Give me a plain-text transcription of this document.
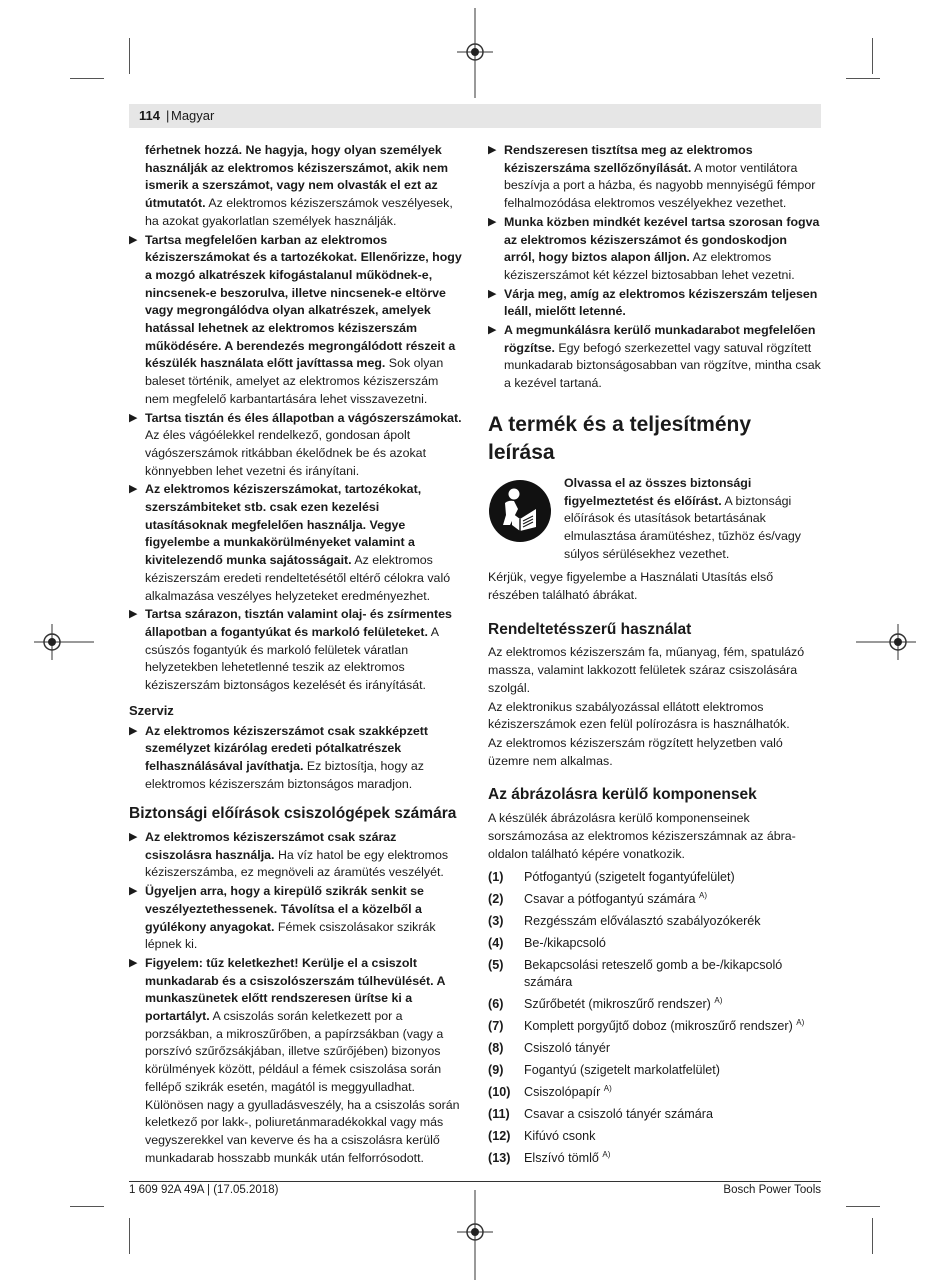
114 | Magyar
férhetnek hozzá. Ne hagyja, hogy olyan személyek használják az elektromos kéziszerszámot, akik nem ismerik a szerszámot, vagy nem olvasták el ezt az útmutatót. Az elektromos kéziszerszámok veszélyesek, ha azokat gyakorlatlan személyek használják.
▶ Tartsa megfelelően karban az elektromos kéziszerszámokat és a tartozékokat. Ellenőrizze, hogy a mozgó alkatrészek kifogástalanul működnek-e, nincsenek-e beszorulva, illetve nincsenek-e eltörve vagy megrongálódva olyan alkatrészek, amelyek hatással lehetnek az elektromos kéziszerszám működésére. A berendezés megrongálódott részeit a készülék használata előtt javíttassa meg. Sok olyan baleset történik, amelyet az elektromos kéziszerszám nem megfelelő karbantartására lehet visszavezetni.
▶ Tartsa tisztán és éles állapotban a vágószerszámokat. Az éles vágóélekkel rendelkező, gondosan ápolt vágószerszámok ritkábban ékelődnek be és azokat könnyebben lehet vezetni és irányítani.
▶ Az elektromos kéziszerszámokat, tartozékokat, szerszámbiteket stb. csak ezen kezelési utasításoknak megfelelően használja. Vegye figyelembe a munkakörülményeket valamint a kivitelezendő munka sajátosságait. Az elektromos kéziszerszám eredeti rendeltetésétől eltérő célokra való alkalmazása veszélyes helyzeteket eredményezhet.
▶ Tartsa szárazon, tisztán valamint olaj- és zsírmentes állapotban a fogantyúkat és markoló felületeket. A csúszós fogantyúk és markoló felületek váratlan helyzetekben lehetetlenné teszik az elektromos kéziszerszám biztonságos kezelését és irányítását.
Szerviz
▶ Az elektromos kéziszerszámot csak szakképzett személyzet kizárólag eredeti pótalkatrészek felhasználásával javíthatja. Ez biztosítja, hogy az elektromos kéziszerszám biztonságos maradjon.
Biztonsági előírások csiszológépek számára
▶ Az elektromos kéziszerszámot csak száraz csiszolásra használja. Ha víz hatol be egy elektromos kéziszerszámba, ez megnöveli az áramütés veszélyét.
▶ Ügyeljen arra, hogy a kirepülő szikrák senkit se veszélyeztethessenek. Távolítsa el a közelből a gyúlékony anyagokat. Fémek csiszolásakor szikrák lépnek ki.
▶ Figyelem: tűz keletkezhet! Kerülje el a csiszolt munkadarab és a csiszolószerszám túlhevülését. A munkaszünetek előtt rendszeresen ürítse ki a portartályt. A csiszolás során keletkezett por a porzsákban, a mikroszűrőben, a papírzsákban (vagy a porszívó szűrőzsákjában, illetve szűrőjében) bizonyos körülmények között, például a fémek csiszolása során fellépő szikrák esetén, magától is meggyulladhat. Különösen nagy a gyulladásveszély, ha a csiszolás során keletkező por lakk-, poliuretánmaradékokkal vagy más vegyszerekkel van keverve és ha a csiszolásra kerülő munkadarab hosszabb munkák után felforrósodott.
▶ Rendszeresen tisztítsa meg az elektromos kéziszerszáma szellőzőnyílását. A motor ventilátora beszívja a port a házba, és nagyobb mennyiségű fémpor felhalmozódása elektromos veszélyekhez vezethet.
▶ Munka közben mindkét kezével tartsa szorosan fogva az elektromos kéziszerszámot és gondoskodjon arról, hogy biztos alapon álljon. Az elektromos kéziszerszámot két kézzel biztosabban lehet vezetni.
▶ Várja meg, amíg az elektromos kéziszerszám teljesen leáll, mielőtt letenné.
▶ A megmunkálásra kerülő munkadarabot megfelelően rögzítse. Egy befogó szerkezettel vagy satuval rögzített munkadarab biztonságosabban van rögzítve, mintha csak a kezével tartaná.
A termék és a teljesítmény leírása
Olvassa el az összes biztonsági figyelmeztetést és előírást. A biztonsági előírások és utasítások betartásának elmulasztása áramütéshez, tűzhöz és/vagy súlyos sérülésekhez vezethet.

Kérjük, vegye figyelembe a Használati Utasítás első részében található ábrákat.

Rendeltetésszerű használat

Az elektromos kéziszerszám fa, műanyag, fém, spatulázó massza, valamint lakkozott felületek száraz csiszolására szolgál.

Az elektronikus szabályozással ellátott elektromos kéziszerszámok ezen felül polírozásra is használhatók.

Az elektromos kéziszerszám rögzített helyzetben való üzemre nem alkalmas.

Az ábrázolásra kerülő komponensek

A készülék ábrázolásra kerülő komponenseinek sorszámozása az elektromos kéziszerszámnak az ábra-oldalon található képére vonatkozik.

(1) Pótfogantyú (szigetelt fogantyúfelület)
(2) Csavar a pótfogantyú számára $^{A)}$
(3) Rezgésszám előválasztó szabályozókerék
(4) Be-/kikapcsoló
(5) Bekapcsolási reteszelő gomb a be-/kikapcsoló számára
(6) Szűrőbetét (mikroszűrő rendszer) $^{A)}$
(7) Komplett porgyűjtő doboz (mikroszűrő rendszer) $^{A)}$
(8) Csiszoló tányér
(9) Fogantyú (szigetelt markolatfelület)
(10) Csiszolópapír $^{A)}$
(11) Csavar a csiszoló tányér számára
(12) Kifúvó csonk
(13) Elszívó tömlő $^{A)}$
1 609 92A 49A | (17.05.2018)	Bosch Power Tools
